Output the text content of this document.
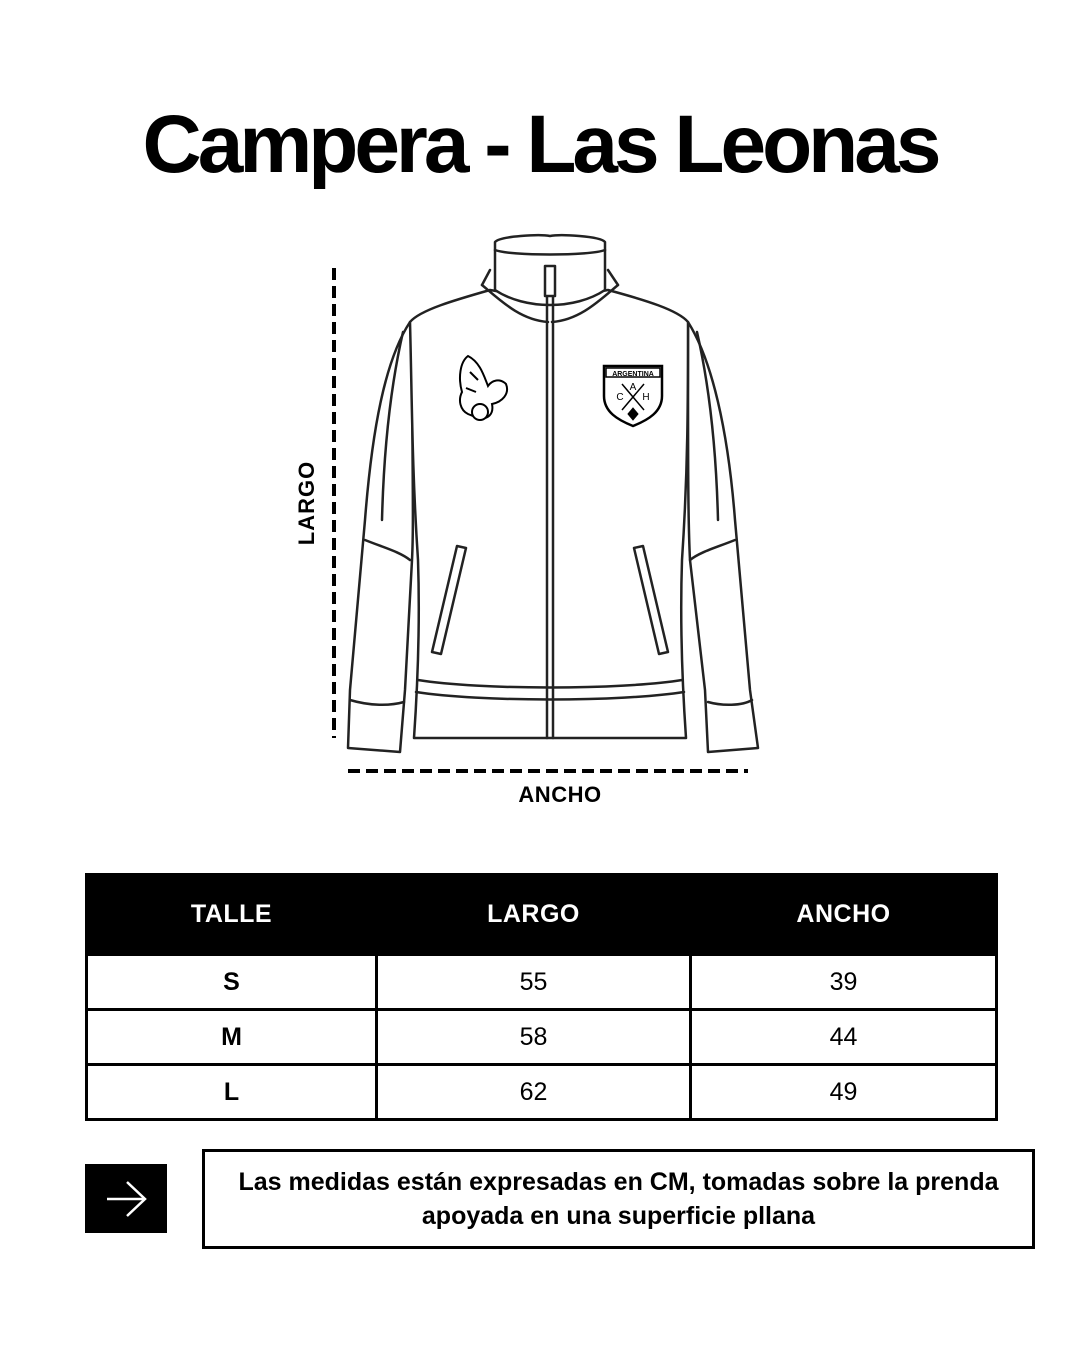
Campera - Las Leonas
ARGENTINA
C
A
H
LARGO
ANCHO
TALLE	LARGO	ANCHO
S	55	39
M	58	44
L	62	49
Las medidas están expresadas en CM, tomadas sobre la prenda apoyada en una superficie pllana
